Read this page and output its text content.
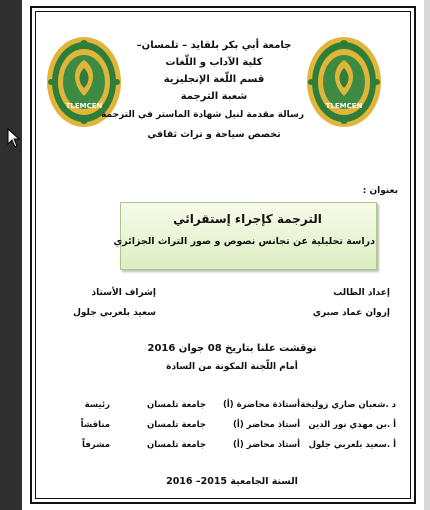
TLEMCEN	TLEMCEN
جامعة أبي بكر بلقايد – تلمسان–
كلية الآداب و اللّغات
قسم اللّغة الإنجليزية
شعبة الترجمة
رسالة مقدمة لنيل شهادة الماستر في الترجمة
تخصص سياحة و تراث ثقافي
بعنوان :
الترجمة كإجراء إستقرائي
دراسة تحليلية عن تجانس نصوص و صور التراث الجزائري
إعداد الطالب
إروان عماد صبري
إشراف الأستاذ
سعيد بلعربي جلول
نوقشت علنا بتاريخ 08 جوان 2016
أمام اللّجنة المكونة من السادة
د .شعبان صاري زوليخة
أستاذة محاضرة (أ)
جامعة تلمسان
رئيسة
أ .بن مهدي نور الدين
أستاذ محاضر (أ)
جامعة تلمسان
مناقشاً
أ .سعيد بلعربي جلول
أستاذ محاضر (أ)
جامعة تلمسان
مشرفاً
السنة الجامعية 2015– 2016
